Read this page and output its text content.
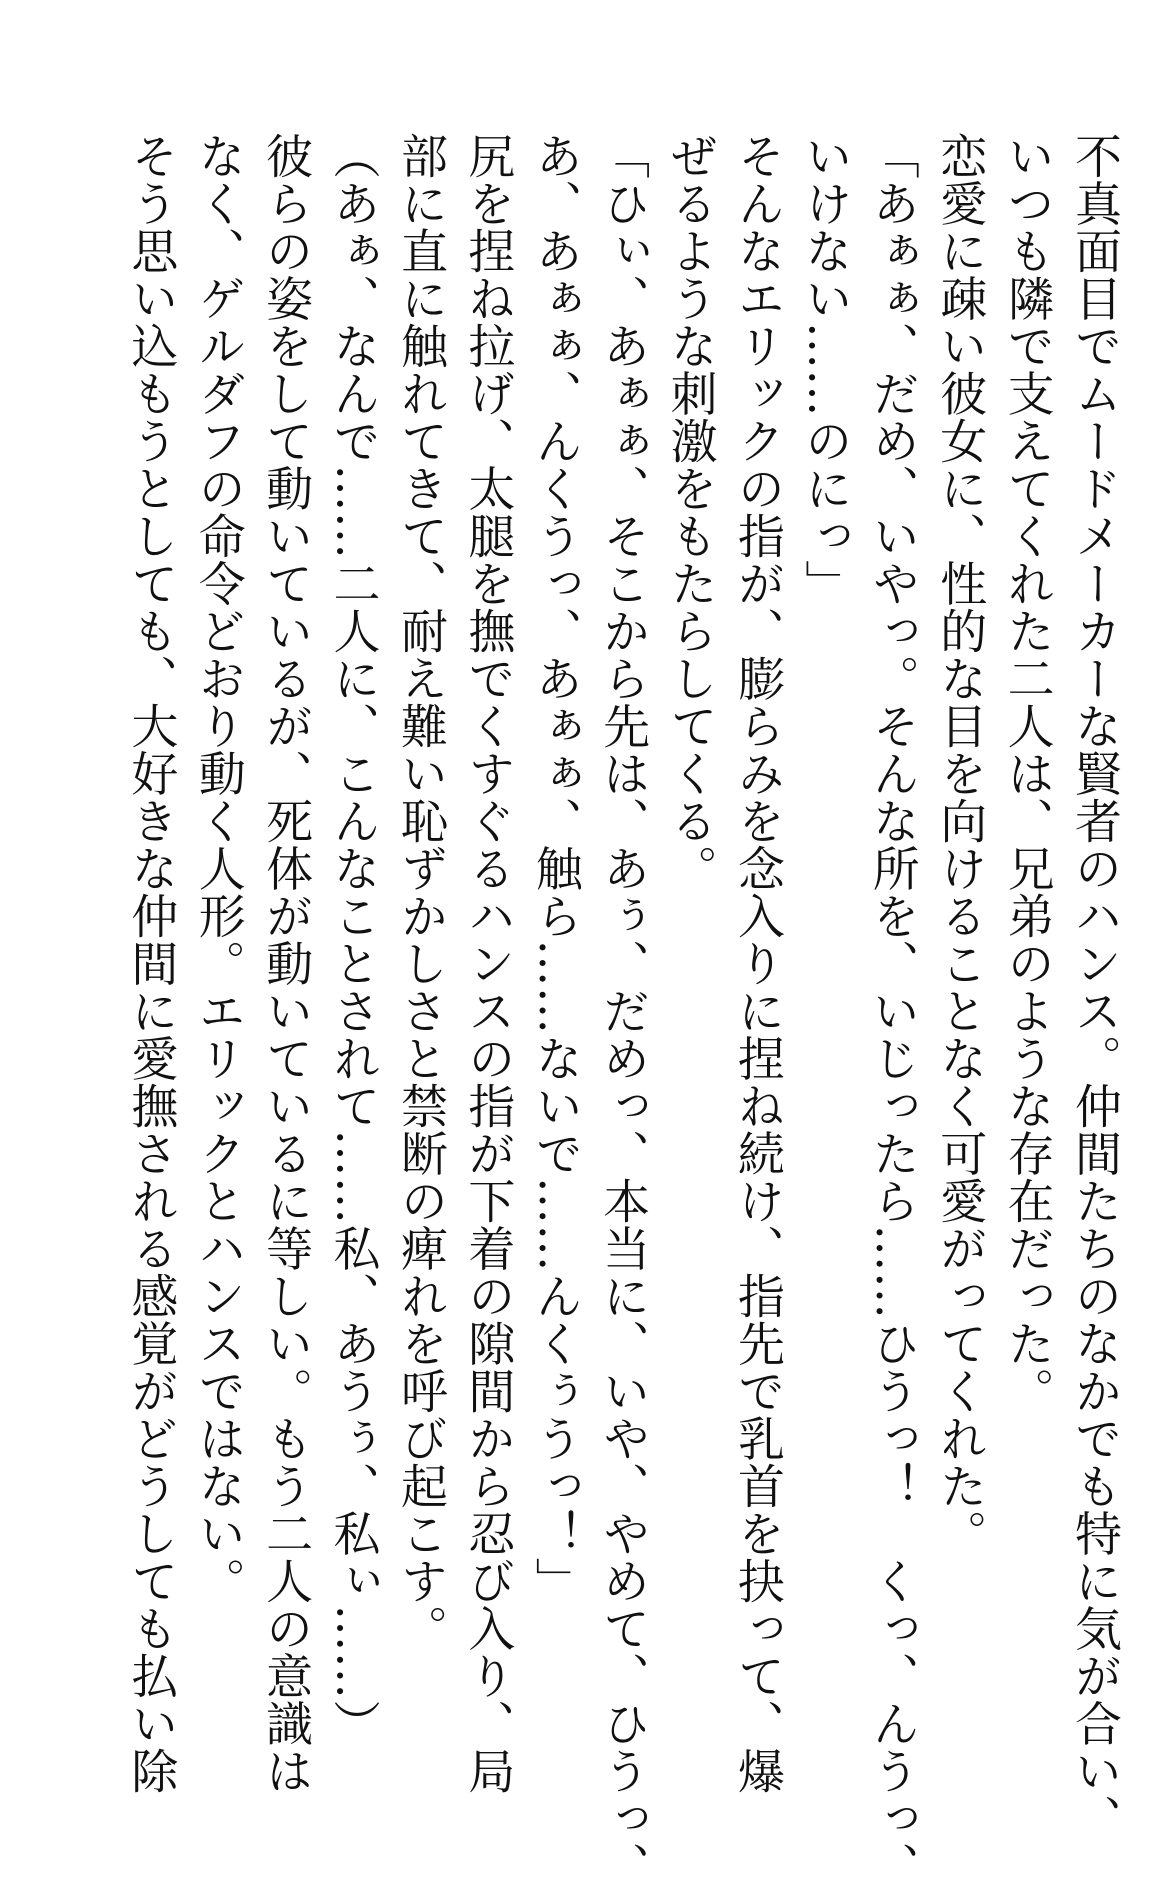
不真面目でムードメーカーな賢者のハンス。仲間たちのなかでも特に気が合い、
いつも隣で支えてくれた二人は、兄弟のような存在だった。
恋愛に疎い彼女に、性的な目を向けることなく可愛がってくれた。
「あぁぁ、だめ、いやっ。そんな所を、いじったら……ひうっ！　くっ、んうっ、
いけない……のにっ」
そんなエリックの指が、膨らみを念入りに捏ね続け、指先で乳首を抉って、爆
ぜるような刺激をもたらしてくる。
「ひぃ、あぁぁ、そこから先は、あぅ、だめっ、本当に、いや、やめて、ひうっ、
あ、あぁぁ、んくうっ、あぁぁ、触ら……ないで……んくぅうっ！」
尻を捏ね拉げ、太腿を撫でくすぐるハンスの指が下着の隙間から忍び入り、局
部に直に触れてきて、耐え難い恥ずかしさと禁断の痺れを呼び起こす。
（あぁ、なんで……二人に、こんなことされて……私、あうぅ、私ぃ……）
彼らの姿をして動いているが、死体が動いているに等しい。もう二人の意識は
なく、ゲルダフの命令どおり動く人形。エリックとハンスではない。
そう思い込もうとしても、大好きな仲間に愛撫される感覚がどうしても払い除
